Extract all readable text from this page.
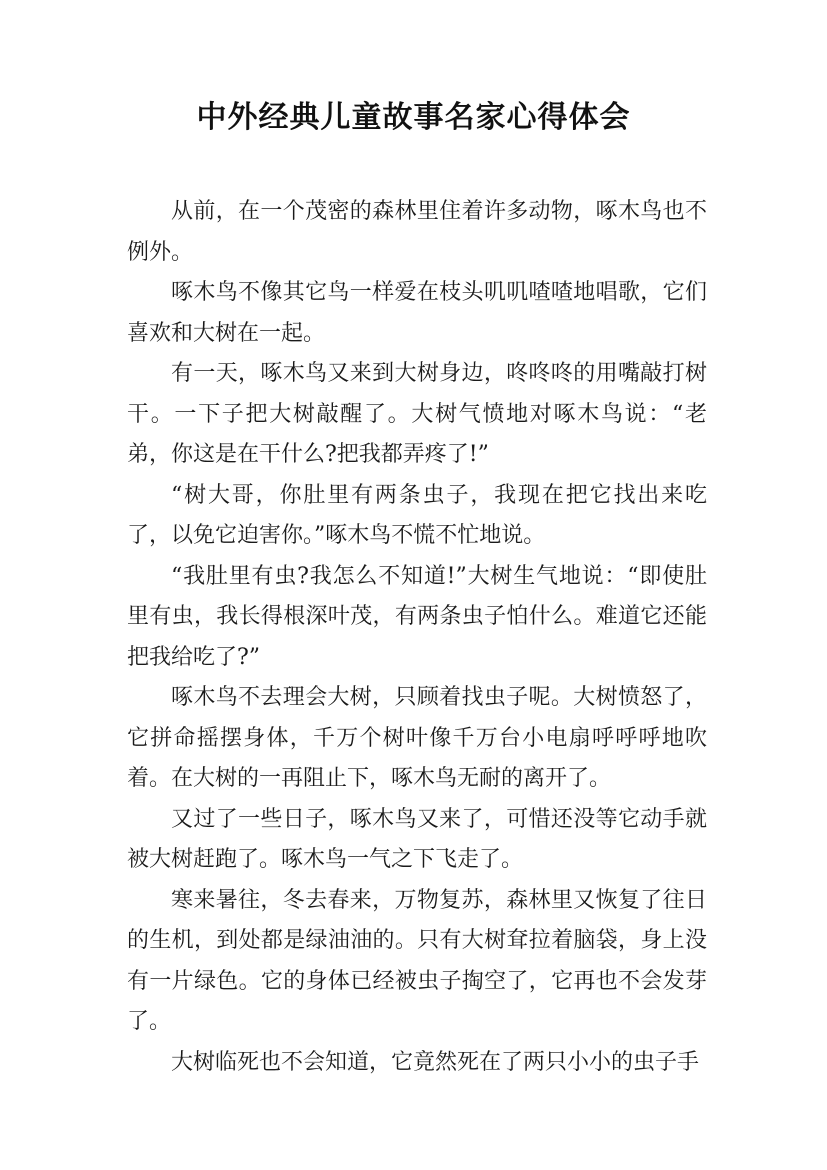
中外经典儿童故事名家心得体会

从前，在一个茂密的森林里住着许多动物，啄木鸟也不例外。

啄木鸟不像其它鸟一样爱在枝头叽叽喳喳地唱歌，它们喜欢和大树在一起。

有一天，啄木鸟又来到大树身边，咚咚咚的用嘴敲打树干。一下子把大树敲醒了。大树气愤地对啄木鸟说：“老弟，你这是在干什么?把我都弄疼了!”

“树大哥，你肚里有两条虫子，我现在把它找出来吃了，以免它迫害你。”啄木鸟不慌不忙地说。

“我肚里有虫?我怎么不知道!”大树生气地说：“即使肚里有虫，我长得根深叶茂，有两条虫子怕什么。难道它还能把我给吃了?”

啄木鸟不去理会大树，只顾着找虫子呢。大树愤怒了，它拼命摇摆身体，千万个树叶像千万台小电扇呼呼呼地吹着。在大树的一再阻止下，啄木鸟无耐的离开了。

又过了一些日子，啄木鸟又来了，可惜还没等它动手就被大树赶跑了。啄木鸟一气之下飞走了。

寒来暑往，冬去春来，万物复苏，森林里又恢复了往日的生机，到处都是绿油油的。只有大树耷拉着脑袋，身上没有一片绿色。它的身体已经被虫子掏空了，它再也不会发芽了。

大树临死也不会知道，它竟然死在了两只小小的虫子手
